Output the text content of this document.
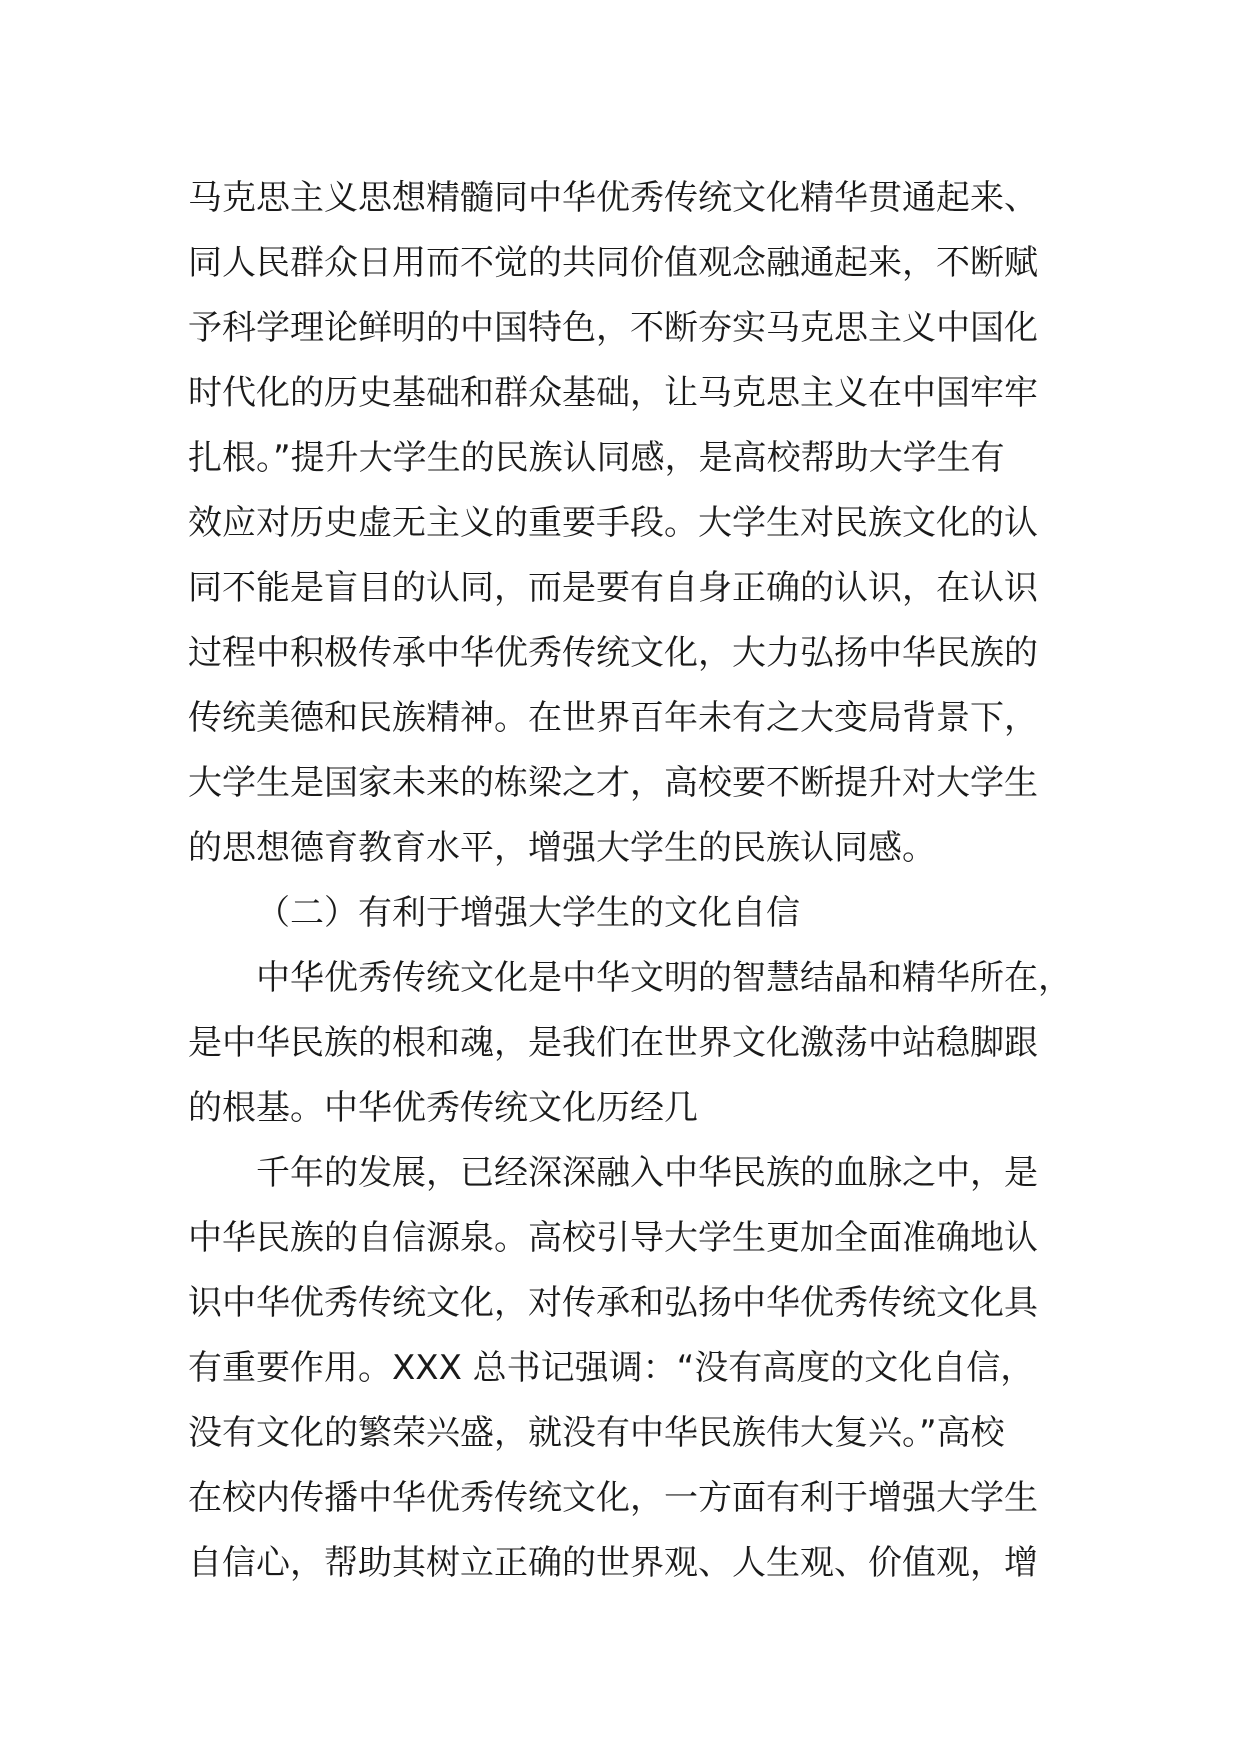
马克思主义思想精髓同中华优秀传统文化精华贯通起来、
同人民群众日用而不觉的共同价值观念融通起来，不断赋
予科学理论鲜明的中国特色，不断夯实马克思主义中国化
时代化的历史基础和群众基础，让马克思主义在中国牢牢
扎根。”提升大学生的民族认同感，是高校帮助大学生有
效应对历史虚无主义的重要手段。大学生对民族文化的认
同不能是盲目的认同，而是要有自身正确的认识，在认识
过程中积极传承中华优秀传统文化，大力弘扬中华民族的
传统美德和民族精神。在世界百年未有之大变局背景下，
大学生是国家未来的栋梁之才，高校要不断提升对大学生
的思想德育教育水平，增强大学生的民族认同感。
（二）有利于增强大学生的文化自信
中华优秀传统文化是中华文明的智慧结晶和精华所在，
是中华民族的根和魂，是我们在世界文化激荡中站稳脚跟
的根基。中华优秀传统文化历经几
千年的发展，已经深深融入中华民族的血脉之中，是
中华民族的自信源泉。高校引导大学生更加全面准确地认
识中华优秀传统文化，对传承和弘扬中华优秀传统文化具
有重要作用。XXX 总书记强调：“没有高度的文化自信，
没有文化的繁荣兴盛，就没有中华民族伟大复兴。”高校
在校内传播中华优秀传统文化，一方面有利于增强大学生
自信心，帮助其树立正确的世界观、人生观、价值观，增
